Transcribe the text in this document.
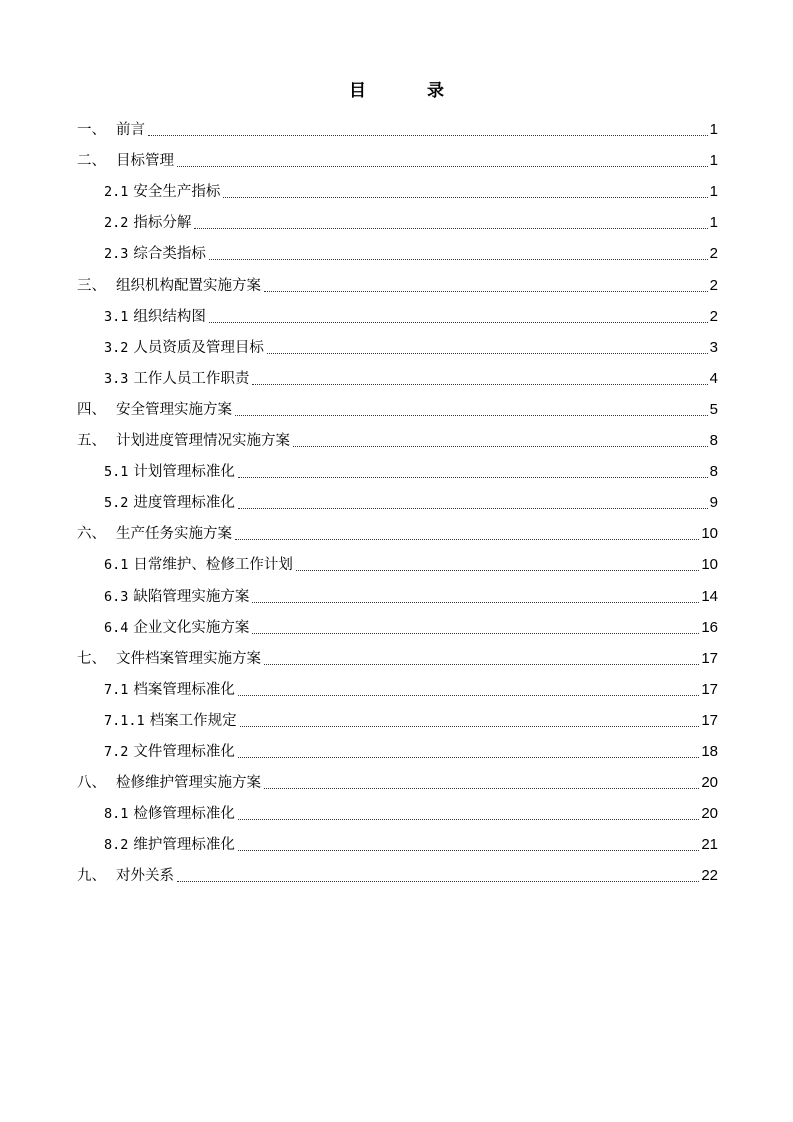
目　录
一、 前言	1
二、 目标管理	1
2.1 安全生产指标	1
2.2 指标分解	1
2.3 综合类指标	2
三、 组织机构配置实施方案	2
3.1 组织结构图	2
3.2 人员资质及管理目标	3
3.3 工作人员工作职责	4
四、 安全管理实施方案	5
五、 计划进度管理情况实施方案	8
5.1 计划管理标准化	8
5.2 进度管理标准化	9
六、 生产任务实施方案	10
6.1 日常维护、检修工作计划	10
6.3 缺陷管理实施方案	14
6.4 企业文化实施方案	16
七、 文件档案管理实施方案	17
7.1 档案管理标准化	17
7.1.1 档案工作规定	17
7.2 文件管理标准化	18
八、 检修维护管理实施方案	20
8.1 检修管理标准化	20
8.2 维护管理标准化	21
九、 对外关系	22
